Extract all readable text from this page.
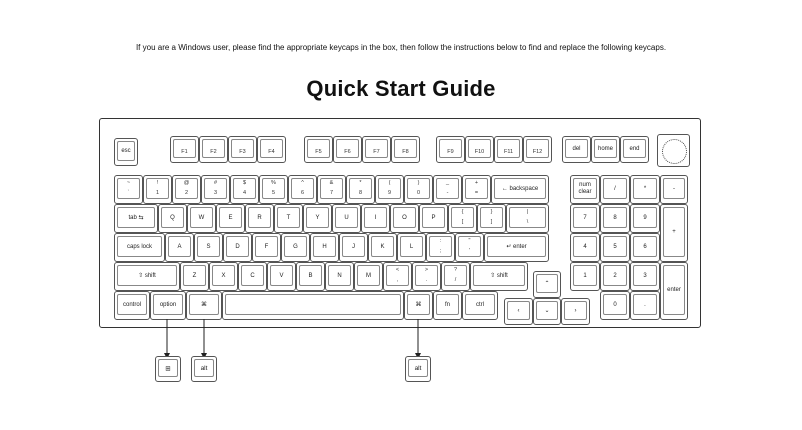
If you are a Windows user, please find the appropriate keycaps in the box, then follow the instructions below to find and replace the following keycaps.
Quick Start Guide
esc	F1	F2	F3	F4	F5	F6	F7	F8	F9	F10	F11	F12
del	home	end
~
`
!
1
@
2
#
3
$
4
%
5
^
6
&
7
*
8
(
9
)
0
_
-
+
=
← backspace
tab ⇆	Q	W	E	R	T	Y	U	I	O	P
{
[
}
]
|
\
caps lock	A	S	D	F	G	H	J	K	L
:
;
"
'
↵ enter
⇧ shift	Z	X	C	V	B	N	M
<
,
>
.
?
/
⇧ shift
control	option	⌘	⌘	fn	ctrl
⌃
‹	⌄	›
num
clear	/	*	-
7	8	9
+
4	5	6
1	2	3
enter
0	.
⊞	alt	alt
